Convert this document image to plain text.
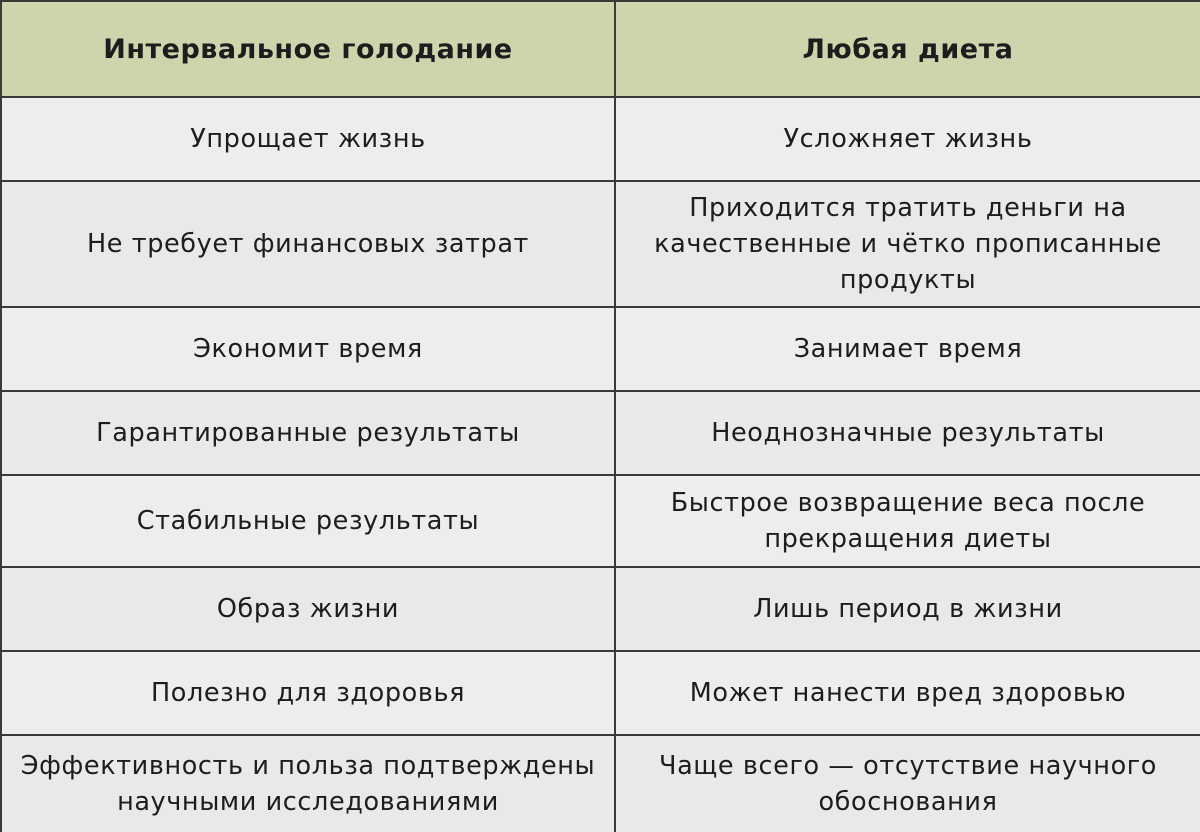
Интервальное голодание	Любая диета
Упрощает жизнь	Усложняет жизнь
Не требует финансовых затрат	Приходится тратить деньги на качественные и чётко прописанные продукты
Экономит время	Занимает время
Гарантированные результаты	Неоднозначные результаты
Стабильные результаты	Быстрое возвращение веса после прекращения диеты
Образ жизни	Лишь период в жизни
Полезно для здоровья	Может нанести вред здоровью
Эффективность и польза подтверждены научными исследованиями	Чаще всего — отсутствие научного обоснования
